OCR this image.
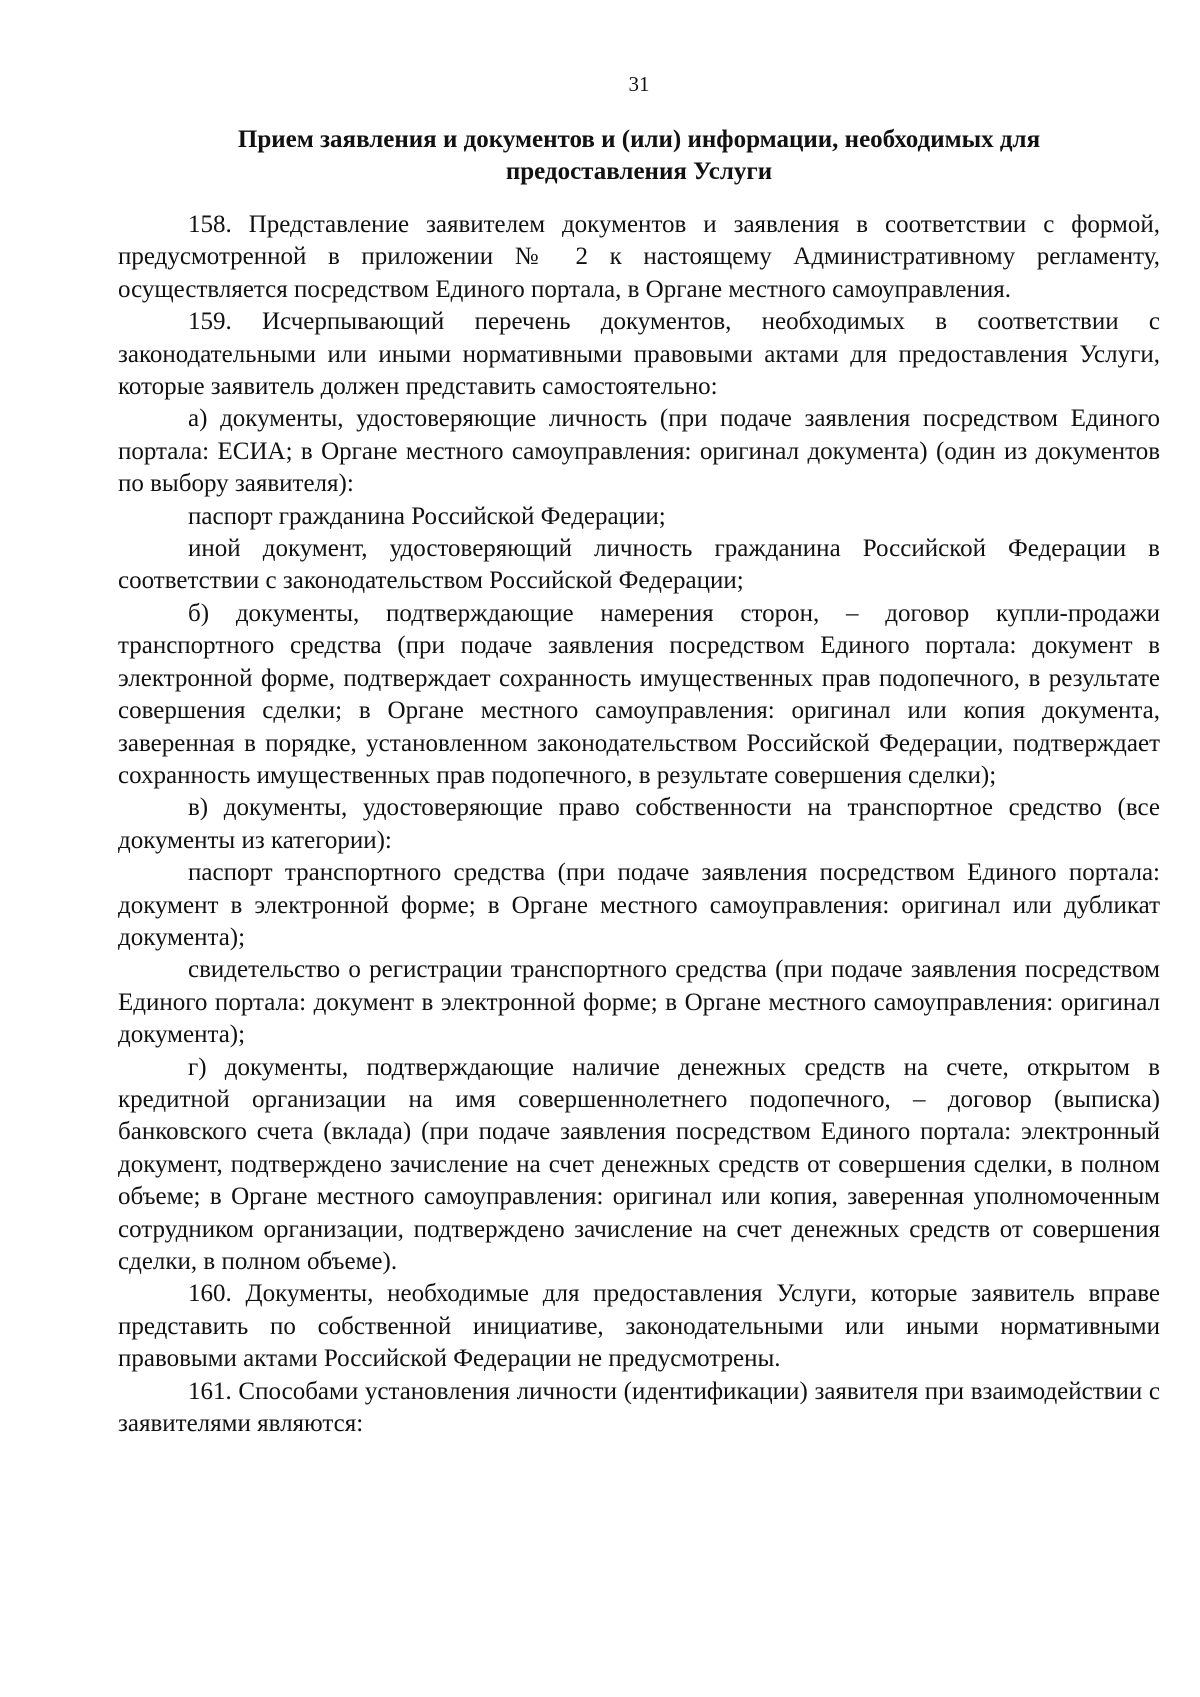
31
Прием заявления и документов и (или) информации, необходимых для
предоставления Услуги

158. Представление заявителем документов и заявления в соответствии с формой, предусмотренной в приложении № 2 к настоящему Административному регламенту, осуществляется посредством Единого портала, в Органе местного самоуправления.

159. Исчерпывающий перечень документов, необходимых в соответствии с законодательными или иными нормативными правовыми актами для предоставления Услуги, которые заявитель должен представить самостоятельно:

а) документы, удостоверяющие личность (при подаче заявления посредством Единого портала: ЕСИА; в Органе местного самоуправления: оригинал документа) (один из документов по выбору заявителя):

паспорт гражданина Российской Федерации;

иной документ, удостоверяющий личность гражданина Российской Федерации в соответствии с законодательством Российской Федерации;

б) документы, подтверждающие намерения сторон, – договор купли-продажи транспортного средства (при подаче заявления посредством Единого портала: документ в электронной форме, подтверждает сохранность имущественных прав подопечного, в результате совершения сделки; в Органе местного самоуправления: оригинал или копия документа, заверенная в порядке, установленном законодательством Российской Федерации, подтверждает сохранность имущественных прав подопечного, в результате совершения сделки);

в) документы, удостоверяющие право собственности на транспортное средство (все документы из категории):

паспорт транспортного средства (при подаче заявления посредством Единого портала: документ в электронной форме; в Органе местного самоуправления: оригинал или дубликат документа);

свидетельство о регистрации транспортного средства (при подаче заявления посредством Единого портала: документ в электронной форме; в Органе местного самоуправления: оригинал документа);

г) документы, подтверждающие наличие денежных средств на счете, открытом в кредитной организации на имя совершеннолетнего подопечного, – договор (выписка) банковского счета (вклада) (при подаче заявления посредством Единого портала: электронный документ, подтверждено зачисление на счет денежных средств от совершения сделки, в полном объеме; в Органе местного самоуправления: оригинал или копия, заверенная уполномоченным сотрудником организации, подтверждено зачисление на счет денежных средств от совершения сделки, в полном объеме).

160. Документы, необходимые для предоставления Услуги, которые заявитель вправе представить по собственной инициативе, законодательными или иными нормативными правовыми актами Российской Федерации не предусмотрены.

161. Способами установления личности (идентификации) заявителя при взаимодействии с заявителями являются:
